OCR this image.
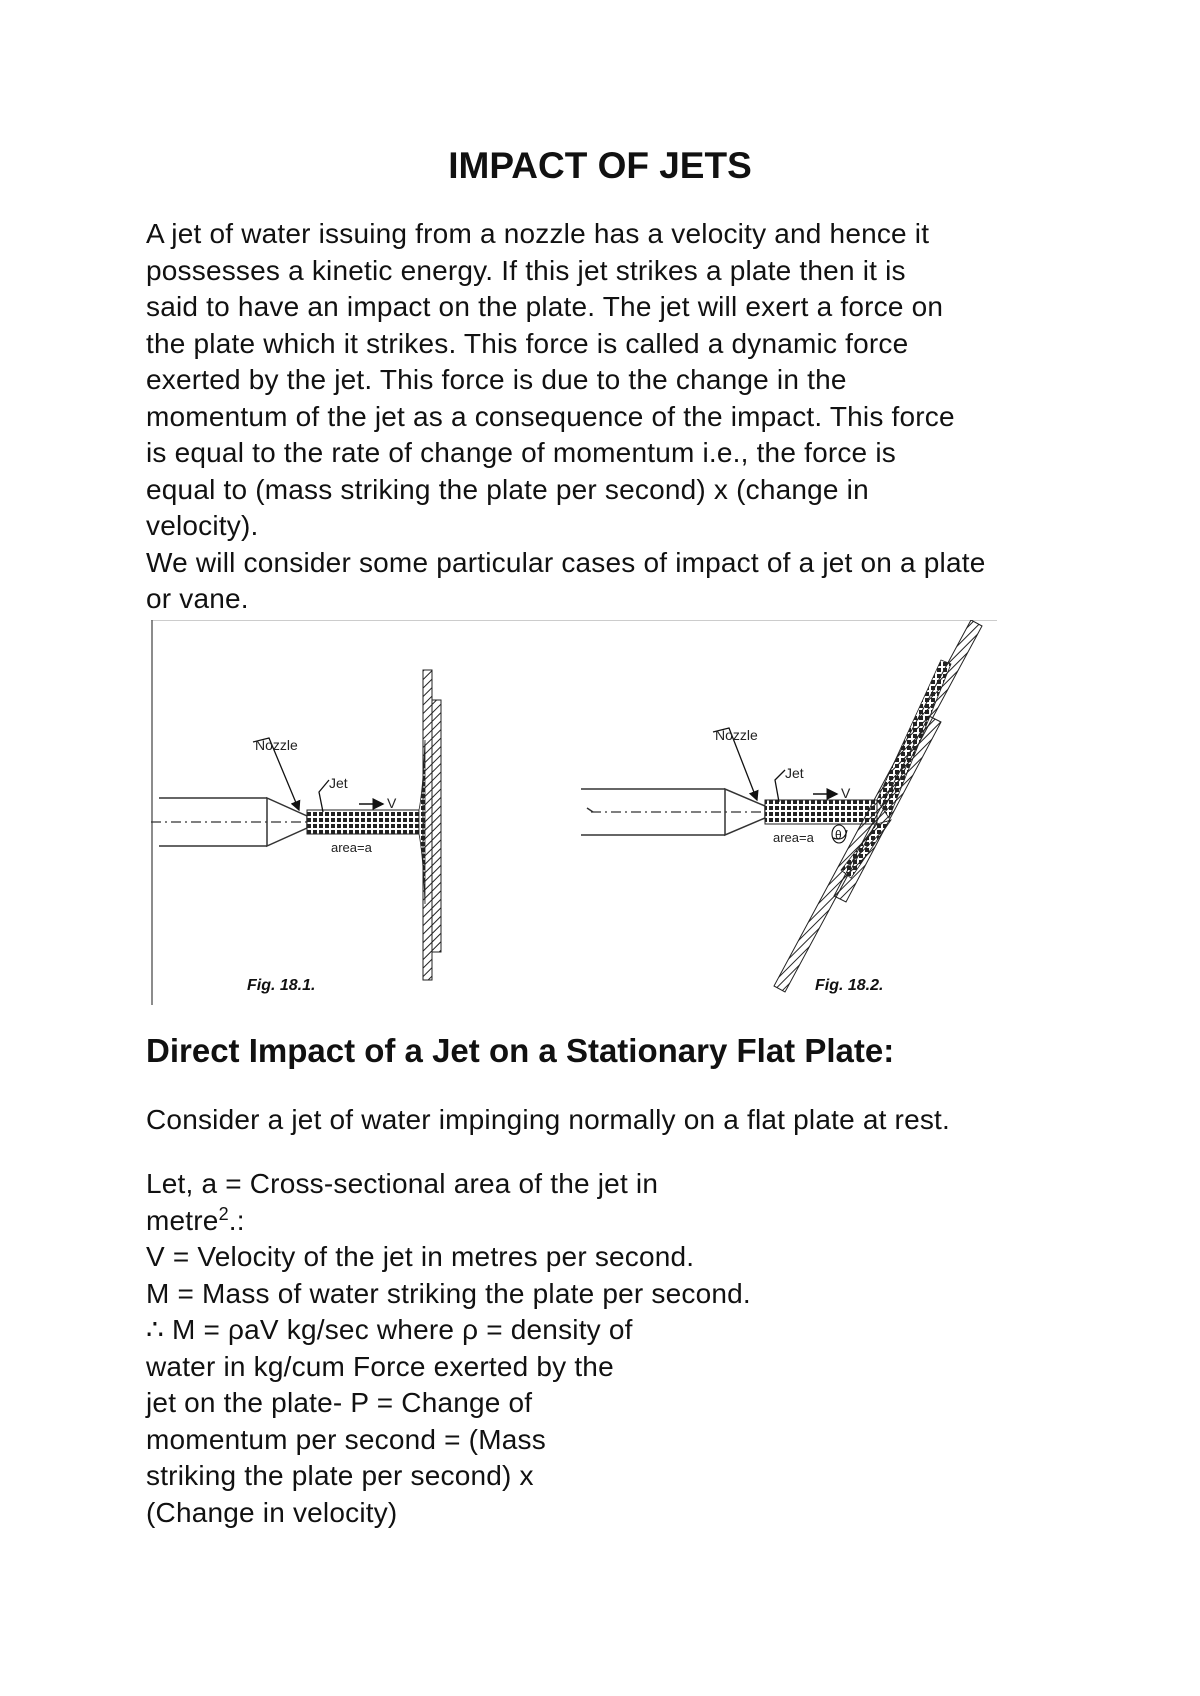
IMPACT OF JETS
A jet of water issuing from a nozzle has a velocity and hence it
possesses a kinetic energy. If this jet strikes a plate then it is
said to have an impact on the plate. The jet will exert a force on
the plate which it strikes. This force is called a dynamic force
exerted by the jet. This force is due to the change in the
momentum of the jet as a consequence of the impact. This force
is equal to the rate of change of momentum i.e., the force is
equal to (mass striking the plate per second) x (change in
velocity).
We will consider some particular cases of impact of a jet on a plate
or vane.
Nozzle
Jet
V
area=a
Fig. 18.1.
θ
Nozzle
Jet
V
area=a
Fig. 18.2.
Direct Impact of a Jet on a Stationary Flat Plate:

Consider a jet of water impinging normally on a flat plate at rest.

Let, a = Cross-sectional area of the jet in
metre$^2$.:
V = Velocity of the jet in metres per second.
M = Mass of water striking the plate per second.
∴ M = ρaV kg/sec where ρ = density of
water in kg/cum Force exerted by the
jet on the plate- P = Change of
momentum per second = (Mass
striking the plate per second) x
(Change in velocity)
